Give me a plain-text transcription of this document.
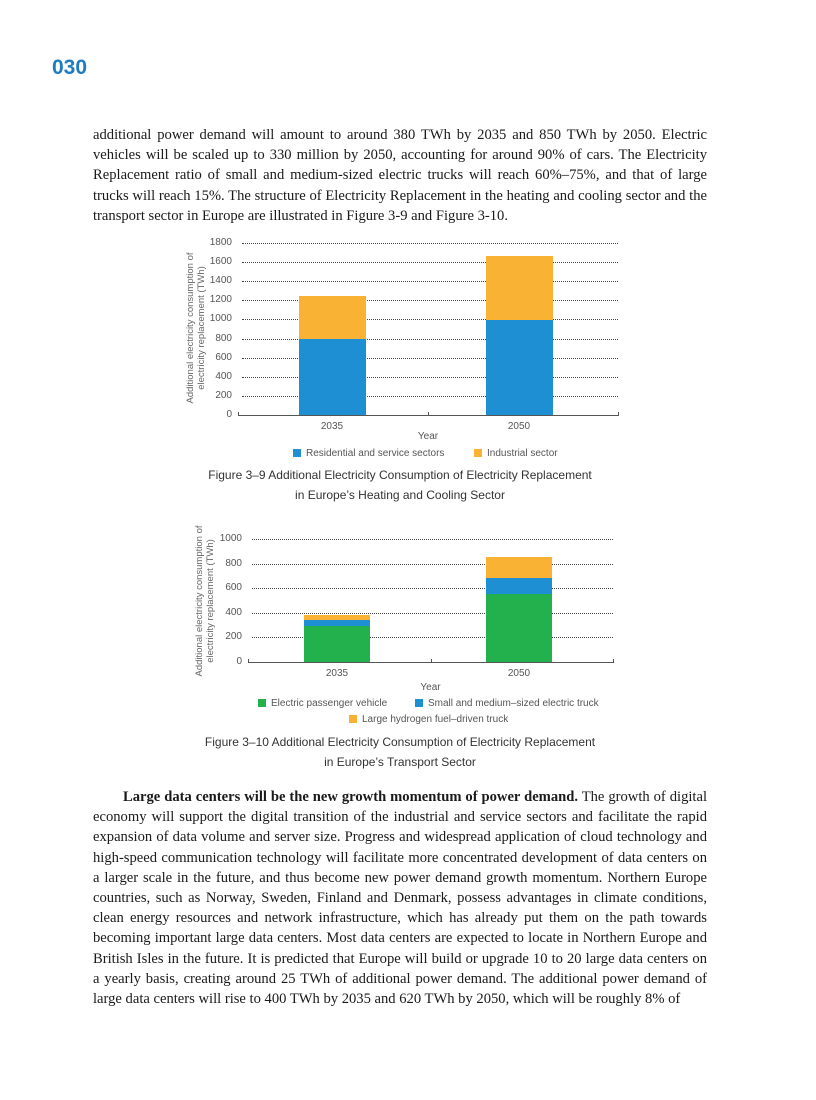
030
additional power demand will amount to around 380 TWh by 2035 and 850 TWh by 2050. Electric vehicles will be scaled up to 330 million by 2050, accounting for around 90% of cars. The Electricity Replacement ratio of small and medium-sized electric trucks will reach 60%–75%, and that of large trucks will reach 15%. The structure of Electricity Replacement in the heating and cooling sector and the transport sector in Europe are illustrated in Figure 3-9 and Figure 3-10.
0
200
400
600
800
1000
1200
1400
1600
1800
2035	2050
Year
Additional electricity consumption of electricity replacement (TWh)
Residential and service sectors	Industrial sector
Figure 3–9 Additional Electricity Consumption of Electricity Replacement
in Europe’s Heating and Cooling Sector
0
200
400
600
800
1000
2035	2050
Year
Additional electricity consumption of electricity replacement (TWh)
Electric passenger vehicle	Small and medium–sized electric truck
Large hydrogen fuel–driven truck
Figure 3–10 Additional Electricity Consumption of Electricity Replacement
in Europe’s Transport Sector
Large data centers will be the new growth momentum of power demand. The growth of digital economy will support the digital transition of the industrial and service sectors and facilitate the rapid expansion of data volume and server size. Progress and widespread application of cloud technology and high-speed communication technology will facilitate more concentrated development of data centers on a larger scale in the future, and thus become new power demand growth momentum. Northern Europe countries, such as Norway, Sweden, Finland and Denmark, possess advantages in climate conditions, clean energy resources and network infrastructure, which has already put them on the path towards becoming important large data centers. Most data centers are expected to locate in Northern Europe and British Isles in the future. It is predicted that Europe will build or upgrade 10 to 20 large data centers on a yearly basis, creating around 25 TWh of additional power demand. The additional power demand of large data centers will rise to 400 TWh by 2035 and 620 TWh by 2050, which will be roughly 8% of
